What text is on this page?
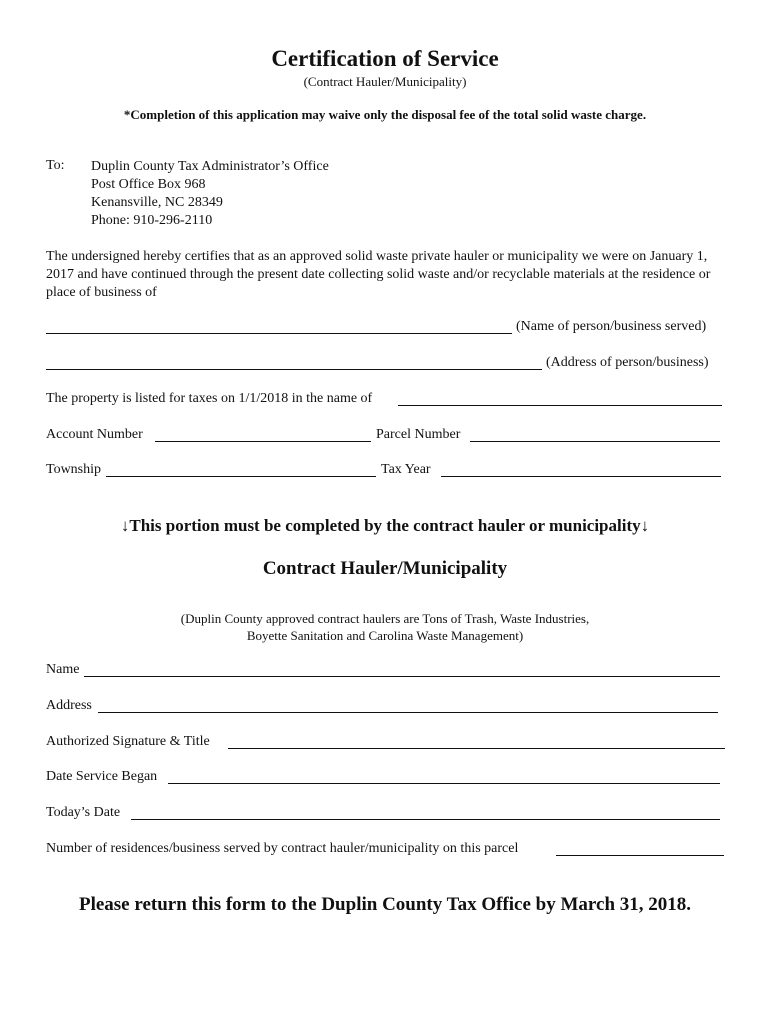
Certification of Service
(Contract Hauler/Municipality)
*Completion of this application may waive only the disposal fee of the total solid waste charge.
To: Duplin County Tax Administrator’s Office
Post Office Box 968
Kenansville, NC 28349
Phone: 910-296-2110
The undersigned hereby certifies that as an approved solid waste private hauler or municipality we were on January 1, 2017 and have continued through the present date collecting solid waste and/or recyclable materials at the residence or place of business of
(Name of person/business served)
(Address of person/business)
The property is listed for taxes on 1/1/2018 in the name of
Account Number	Parcel Number
Township	Tax Year
↓This portion must be completed by the contract hauler or municipality↓
Contract Hauler/Municipality
(Duplin County approved contract haulers are Tons of Trash, Waste Industries,
Boyette Sanitation and Carolina Waste Management)
Name
Address
Authorized Signature & Title
Date Service Began
Today’s Date
Number of residences/business served by contract hauler/municipality on this parcel
Please return this form to the Duplin County Tax Office by March 31, 2018.
